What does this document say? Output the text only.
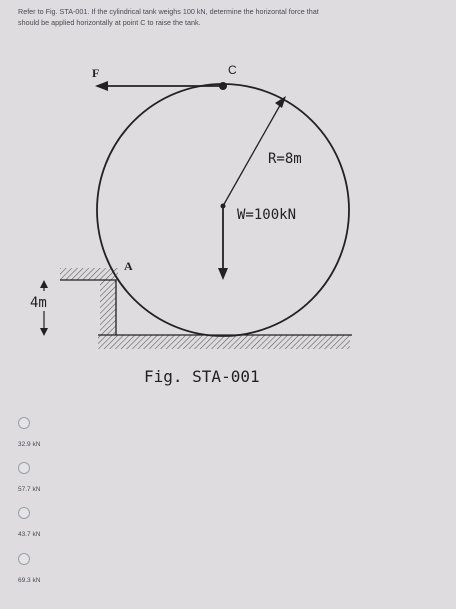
Refer to Fig. STA-001. If the cylindrical tank weighs 100 kN, determine the horizontal force that
should be applied horizontally at point C to raise the tank.
F	C
A
R=8m
W=100kN
4m
Fig. STA-001
32.9 kN
57.7 kN
43.7 kN
69.3 kN
